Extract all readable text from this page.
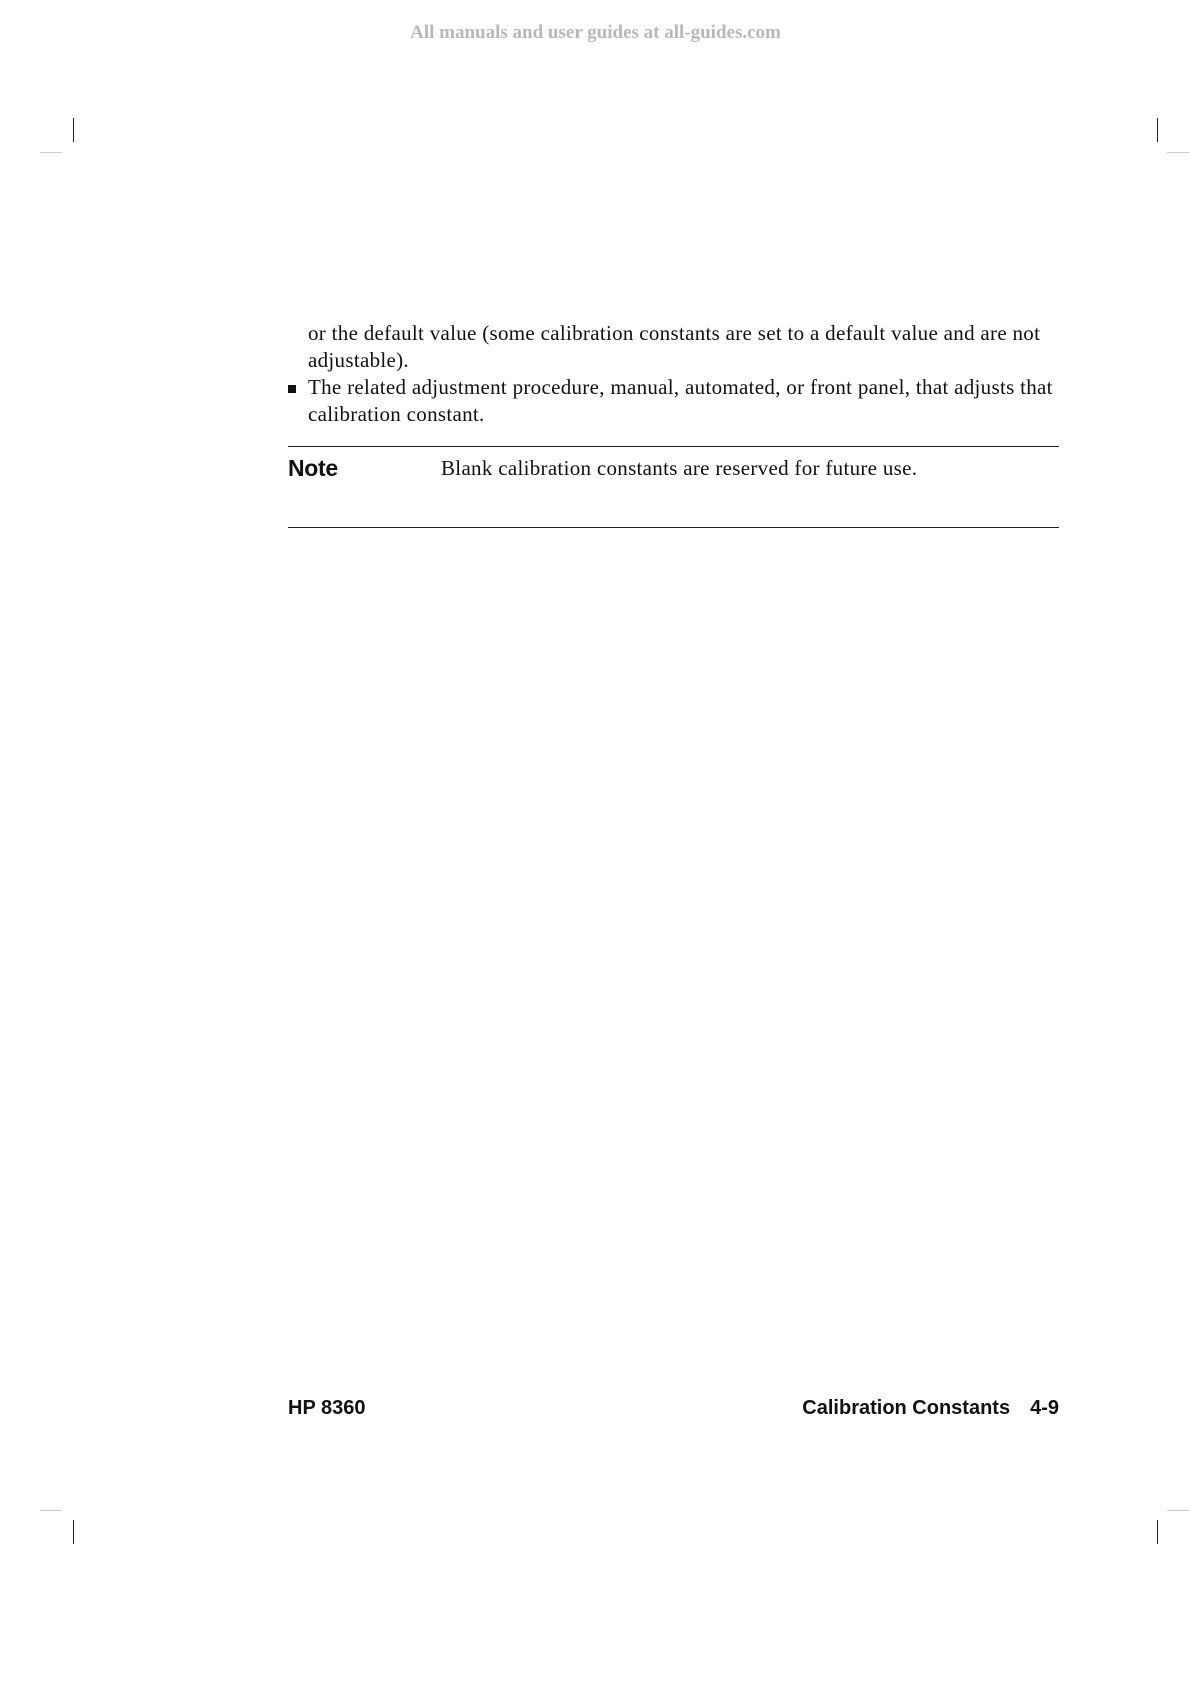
All manuals and user guides at all-guides.com
or the default value (some calibration constants are set to a default value and are not adjustable).
The related adjustment procedure, manual, automated, or front panel, that adjusts that calibration constant.
Note	Blank calibration constants are reserved for future use.
HP 8360	Calibration Constants 4-9
